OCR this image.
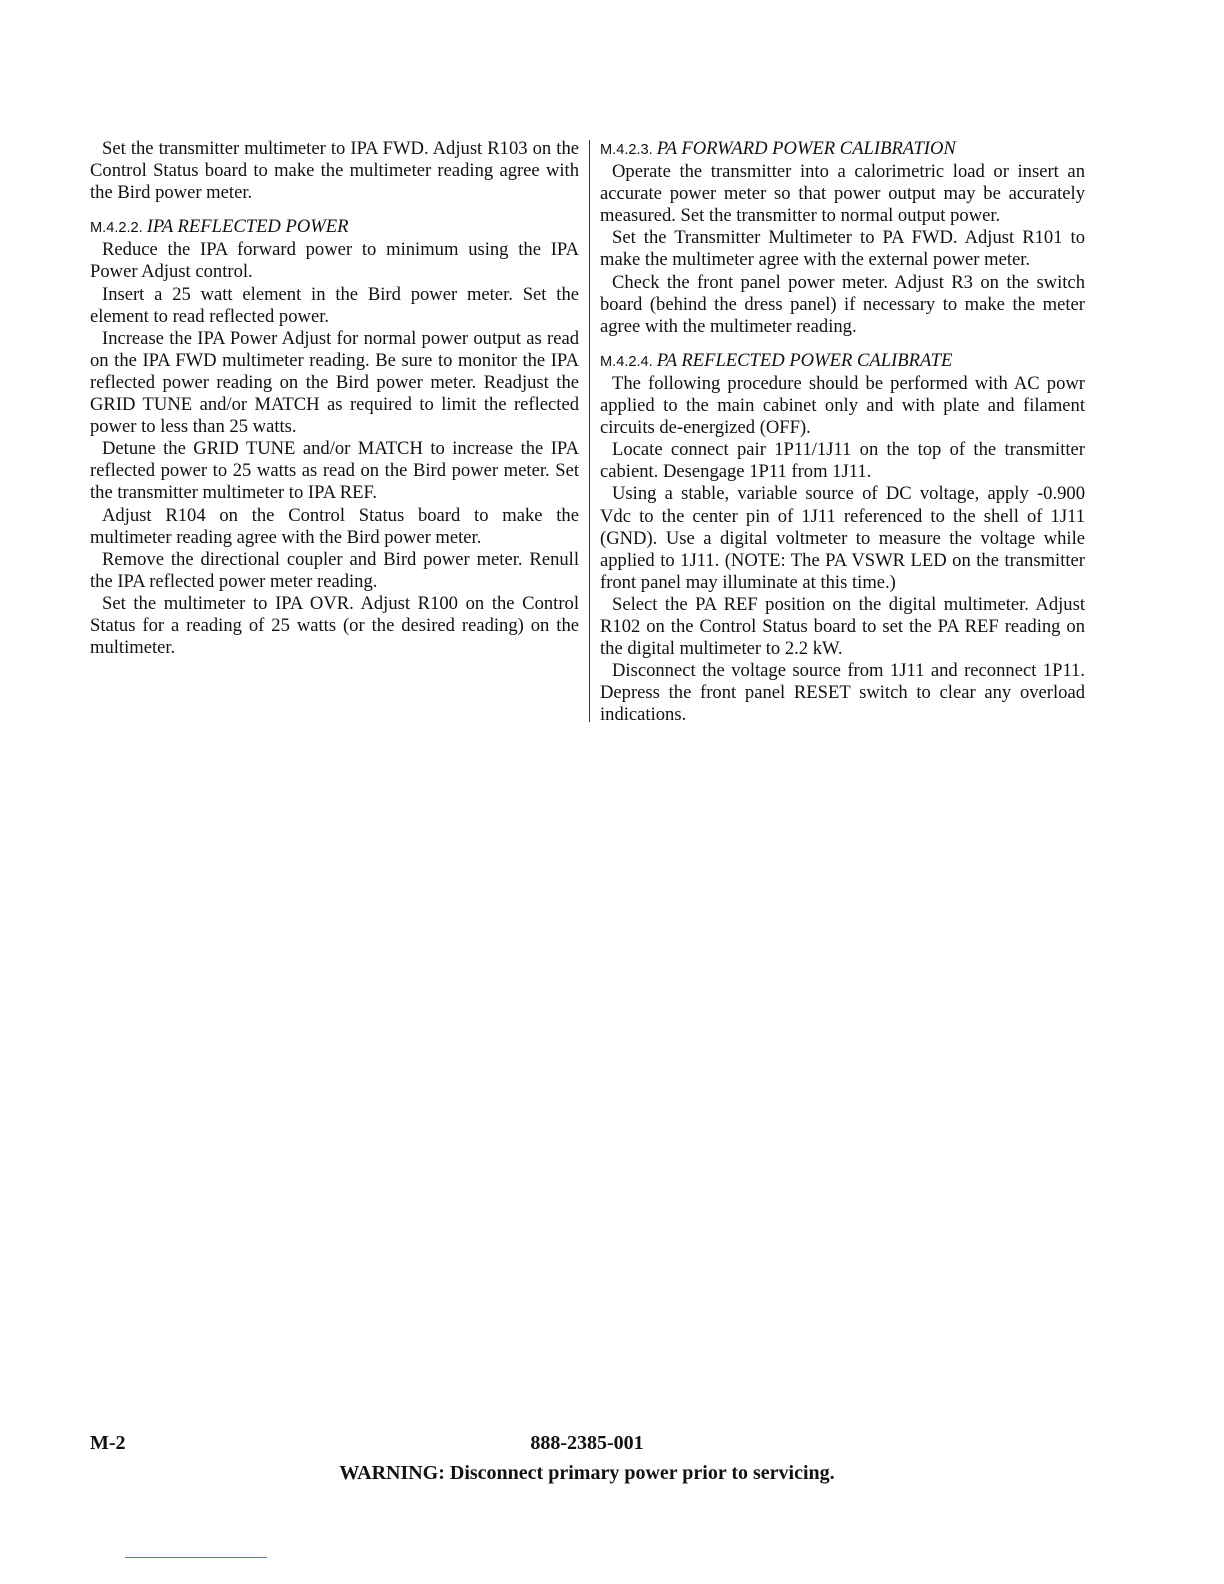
Set the transmitter multimeter to IPA FWD. Adjust R103 on the Control Status board to make the multimeter reading agree with the Bird power meter.

M.4.2.2. IPA REFLECTED POWER

Reduce the IPA forward power to minimum using the IPA Power Adjust control.

Insert a 25 watt element in the Bird power meter. Set the element to read reflected power.

Increase the IPA Power Adjust for normal power output as read on the IPA FWD multimeter reading. Be sure to monitor the IPA reflected power reading on the Bird power meter. Readjust the GRID TUNE and/or MATCH as required to limit the reflected power to less than 25 watts.

Detune the GRID TUNE and/or MATCH to increase the IPA reflected power to 25 watts as read on the Bird power meter. Set the transmitter multimeter to IPA REF.

Adjust R104 on the Control Status board to make the multimeter reading agree with the Bird power meter.

Remove the directional coupler and Bird power meter. Renull the IPA reflected power meter reading.

Set the multimeter to IPA OVR. Adjust R100 on the Control Status for a reading of 25 watts (or the desired reading) on the multimeter.

M.4.2.3. PA FORWARD POWER CALIBRATION

Operate the transmitter into a calorimetric load or insert an accurate power meter so that power output may be accurately measured. Set the transmitter to normal output power.

Set the Transmitter Multimeter to PA FWD. Adjust R101 to make the multimeter agree with the external power meter.

Check the front panel power meter. Adjust R3 on the switch board (behind the dress panel) if necessary to make the meter agree with the multimeter reading.

M.4.2.4. PA REFLECTED POWER CALIBRATE

The following procedure should be performed with AC powr applied to the main cabinet only and with plate and filament circuits de-energized (OFF).

Locate connect pair 1P11/1J11 on the top of the transmitter cabient. Desengage 1P11 from 1J11.

Using a stable, variable source of DC voltage, apply -0.900 Vdc to the center pin of 1J11 referenced to the shell of 1J11 (GND). Use a digital voltmeter to measure the voltage while applied to 1J11. (NOTE: The PA VSWR LED on the transmitter front panel may illuminate at this time.)

Select the PA REF position on the digital multimeter. Adjust R102 on the Control Status board to set the PA REF reading on the digital multimeter to 2.2 kW.

Disconnect the voltage source from 1J11 and reconnect 1P11. Depress the front panel RESET switch to clear any overload indications.

M-2	888-2385-001
WARNING: Disconnect primary power prior to servicing.
